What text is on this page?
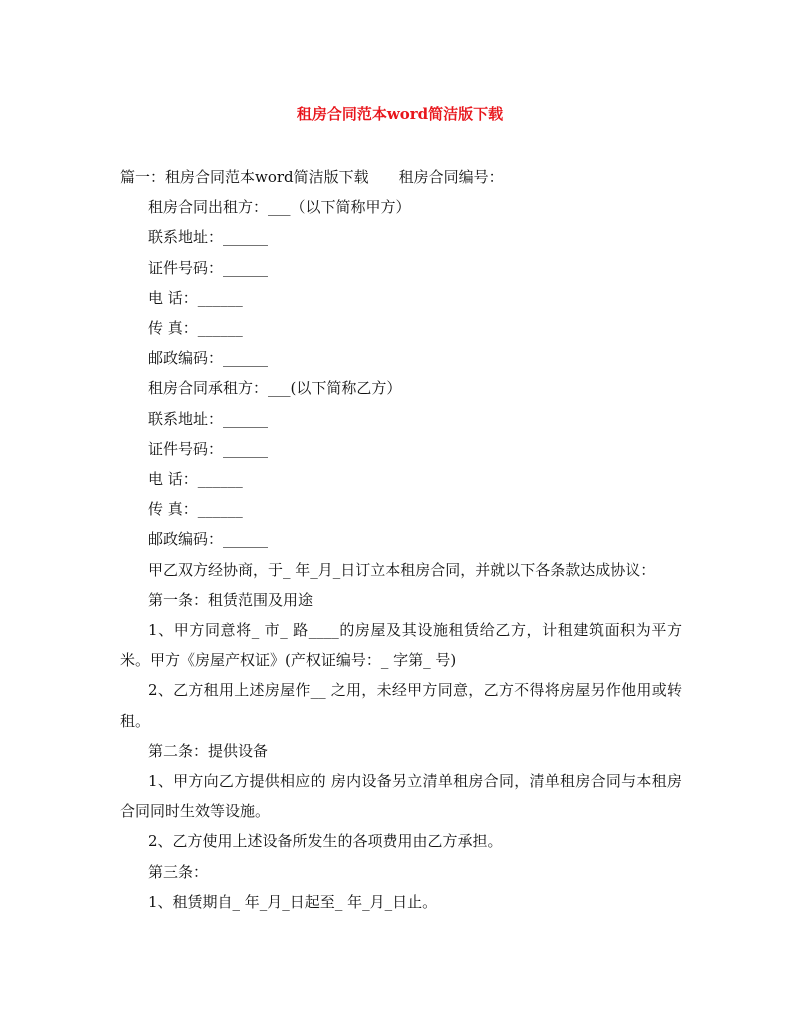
租房合同范本word简洁版下载

篇一：租房合同范本word简洁版下载 租房合同编号：

租房合同出租方：___（以下简称甲方）

联系地址：______

证件号码：______

电 话：______

传 真：______

邮政编码：______

租房合同承租方：___(以下简称乙方）

联系地址：______

证件号码：______

电 话：______

传 真：______

邮政编码：______

甲乙双方经协商，于_ 年_月_日订立本租房合同，并就以下各条款达成协议：

第一条：租赁范围及用途

1、甲方同意将_ 市_ 路____的房屋及其设施租赁给乙方，计租建筑面积为平方米。甲方《房屋产权证》(产权证编号：_ 字第_ 号)

2、乙方租用上述房屋作__ 之用，未经甲方同意，乙方不得将房屋另作他用或转租。

第二条：提供设备

1、甲方向乙方提供相应的 房内设备另立清单租房合同，清单租房合同与本租房合同同时生效等设施。

2、乙方使用上述设备所发生的各项费用由乙方承担。

第三条：

1、租赁期自_ 年_月_日起至_ 年_月_日止。
